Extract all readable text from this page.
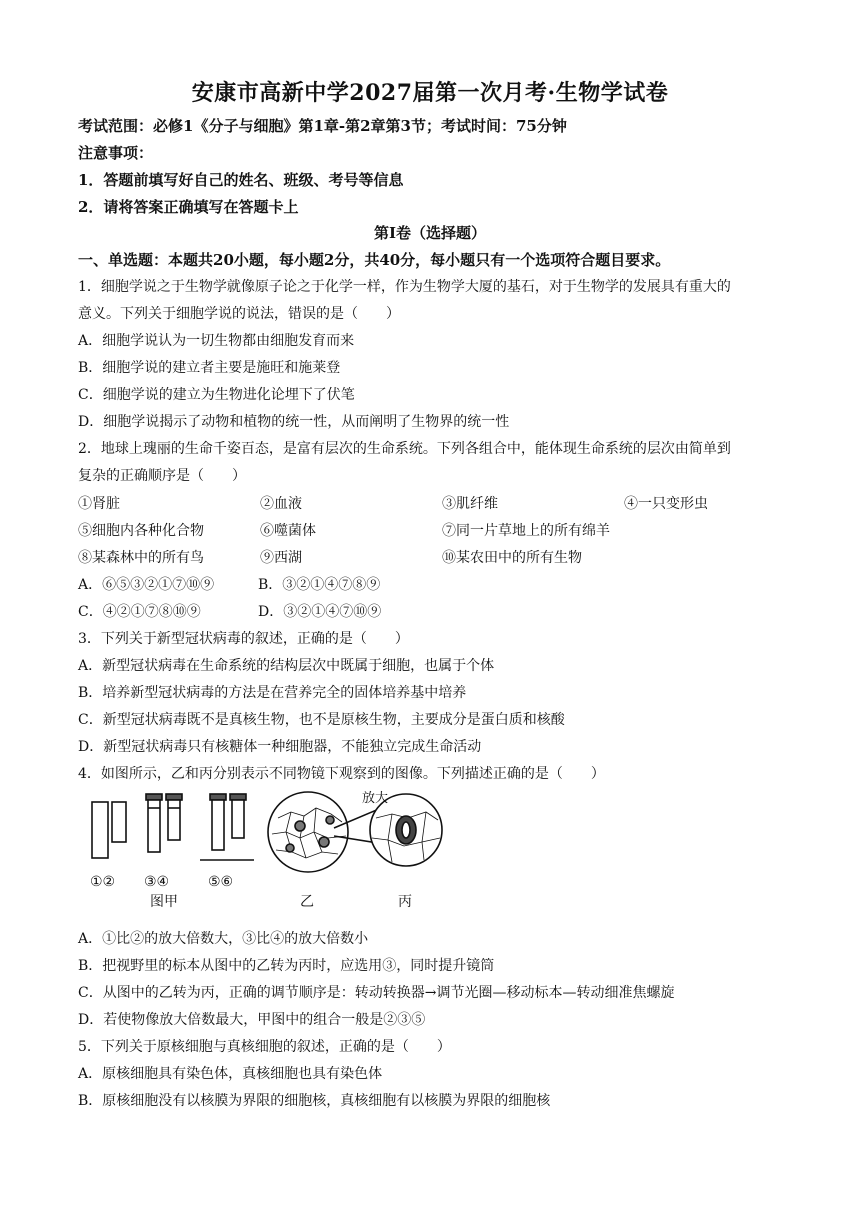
安康市高新中学2027届第一次月考·生物学试卷
考试范围：必修1《分子与细胞》第1章-第2章第3节；考试时间：75分钟
注意事项：
1．答题前填写好自己的姓名、班级、考号等信息
2．请将答案正确填写在答题卡上
第Ⅰ卷（选择题）
一、单选题：本题共20小题，每小题2分，共40分，每小题只有一个选项符合题目要求。
1．细胞学说之于生物学就像原子论之于化学一样，作为生物学大厦的基石，对于生物学的发展具有重大的
意义。下列关于细胞学说的说法，错误的是（　　）
A．细胞学说认为一切生物都由细胞发育而来
B．细胞学说的建立者主要是施旺和施莱登
C．细胞学说的建立为生物进化论埋下了伏笔
D．细胞学说揭示了动物和植物的统一性，从而阐明了生物界的统一性
2．地球上瑰丽的生命千姿百态，是富有层次的生命系统。下列各组合中，能体现生命系统的层次由简单到
复杂的正确顺序是（　　）
①肾脏	②血液	③肌纤维	④一只变形虫
⑤细胞内各种化合物	⑥噬菌体	⑦同一片草地上的所有绵羊
⑧某森林中的所有鸟	⑨西湖	⑩某农田中的所有生物
A．⑥⑤③②①⑦⑩⑨	B．③②①④⑦⑧⑨
C．④②①⑦⑧⑩⑨	D．③②①④⑦⑩⑨
3．下列关于新型冠状病毒的叙述，正确的是（　　）
A．新型冠状病毒在生命系统的结构层次中既属于细胞，也属于个体
B．培养新型冠状病毒的方法是在营养完全的固体培养基中培养
C．新型冠状病毒既不是真核生物，也不是原核生物，主要成分是蛋白质和核酸
D．新型冠状病毒只有核糖体一种细胞器，不能独立完成生命活动
4．如图所示，乙和丙分别表示不同物镜下观察到的图像。下列描述正确的是（　　）
①② ③④	⑤⑥
图甲	乙	丙
放大
A．①比②的放大倍数大，③比④的放大倍数小
B．把视野里的标本从图中的乙转为丙时，应选用③，同时提升镜筒
C．从图中的乙转为丙，正确的调节顺序是：转动转换器→调节光圈—移动标本—转动细准焦螺旋
D．若使物像放大倍数最大，甲图中的组合一般是②③⑤
5．下列关于原核细胞与真核细胞的叙述，正确的是（　　）
A．原核细胞具有染色体，真核细胞也具有染色体
B．原核细胞没有以核膜为界限的细胞核，真核细胞有以核膜为界限的细胞核
